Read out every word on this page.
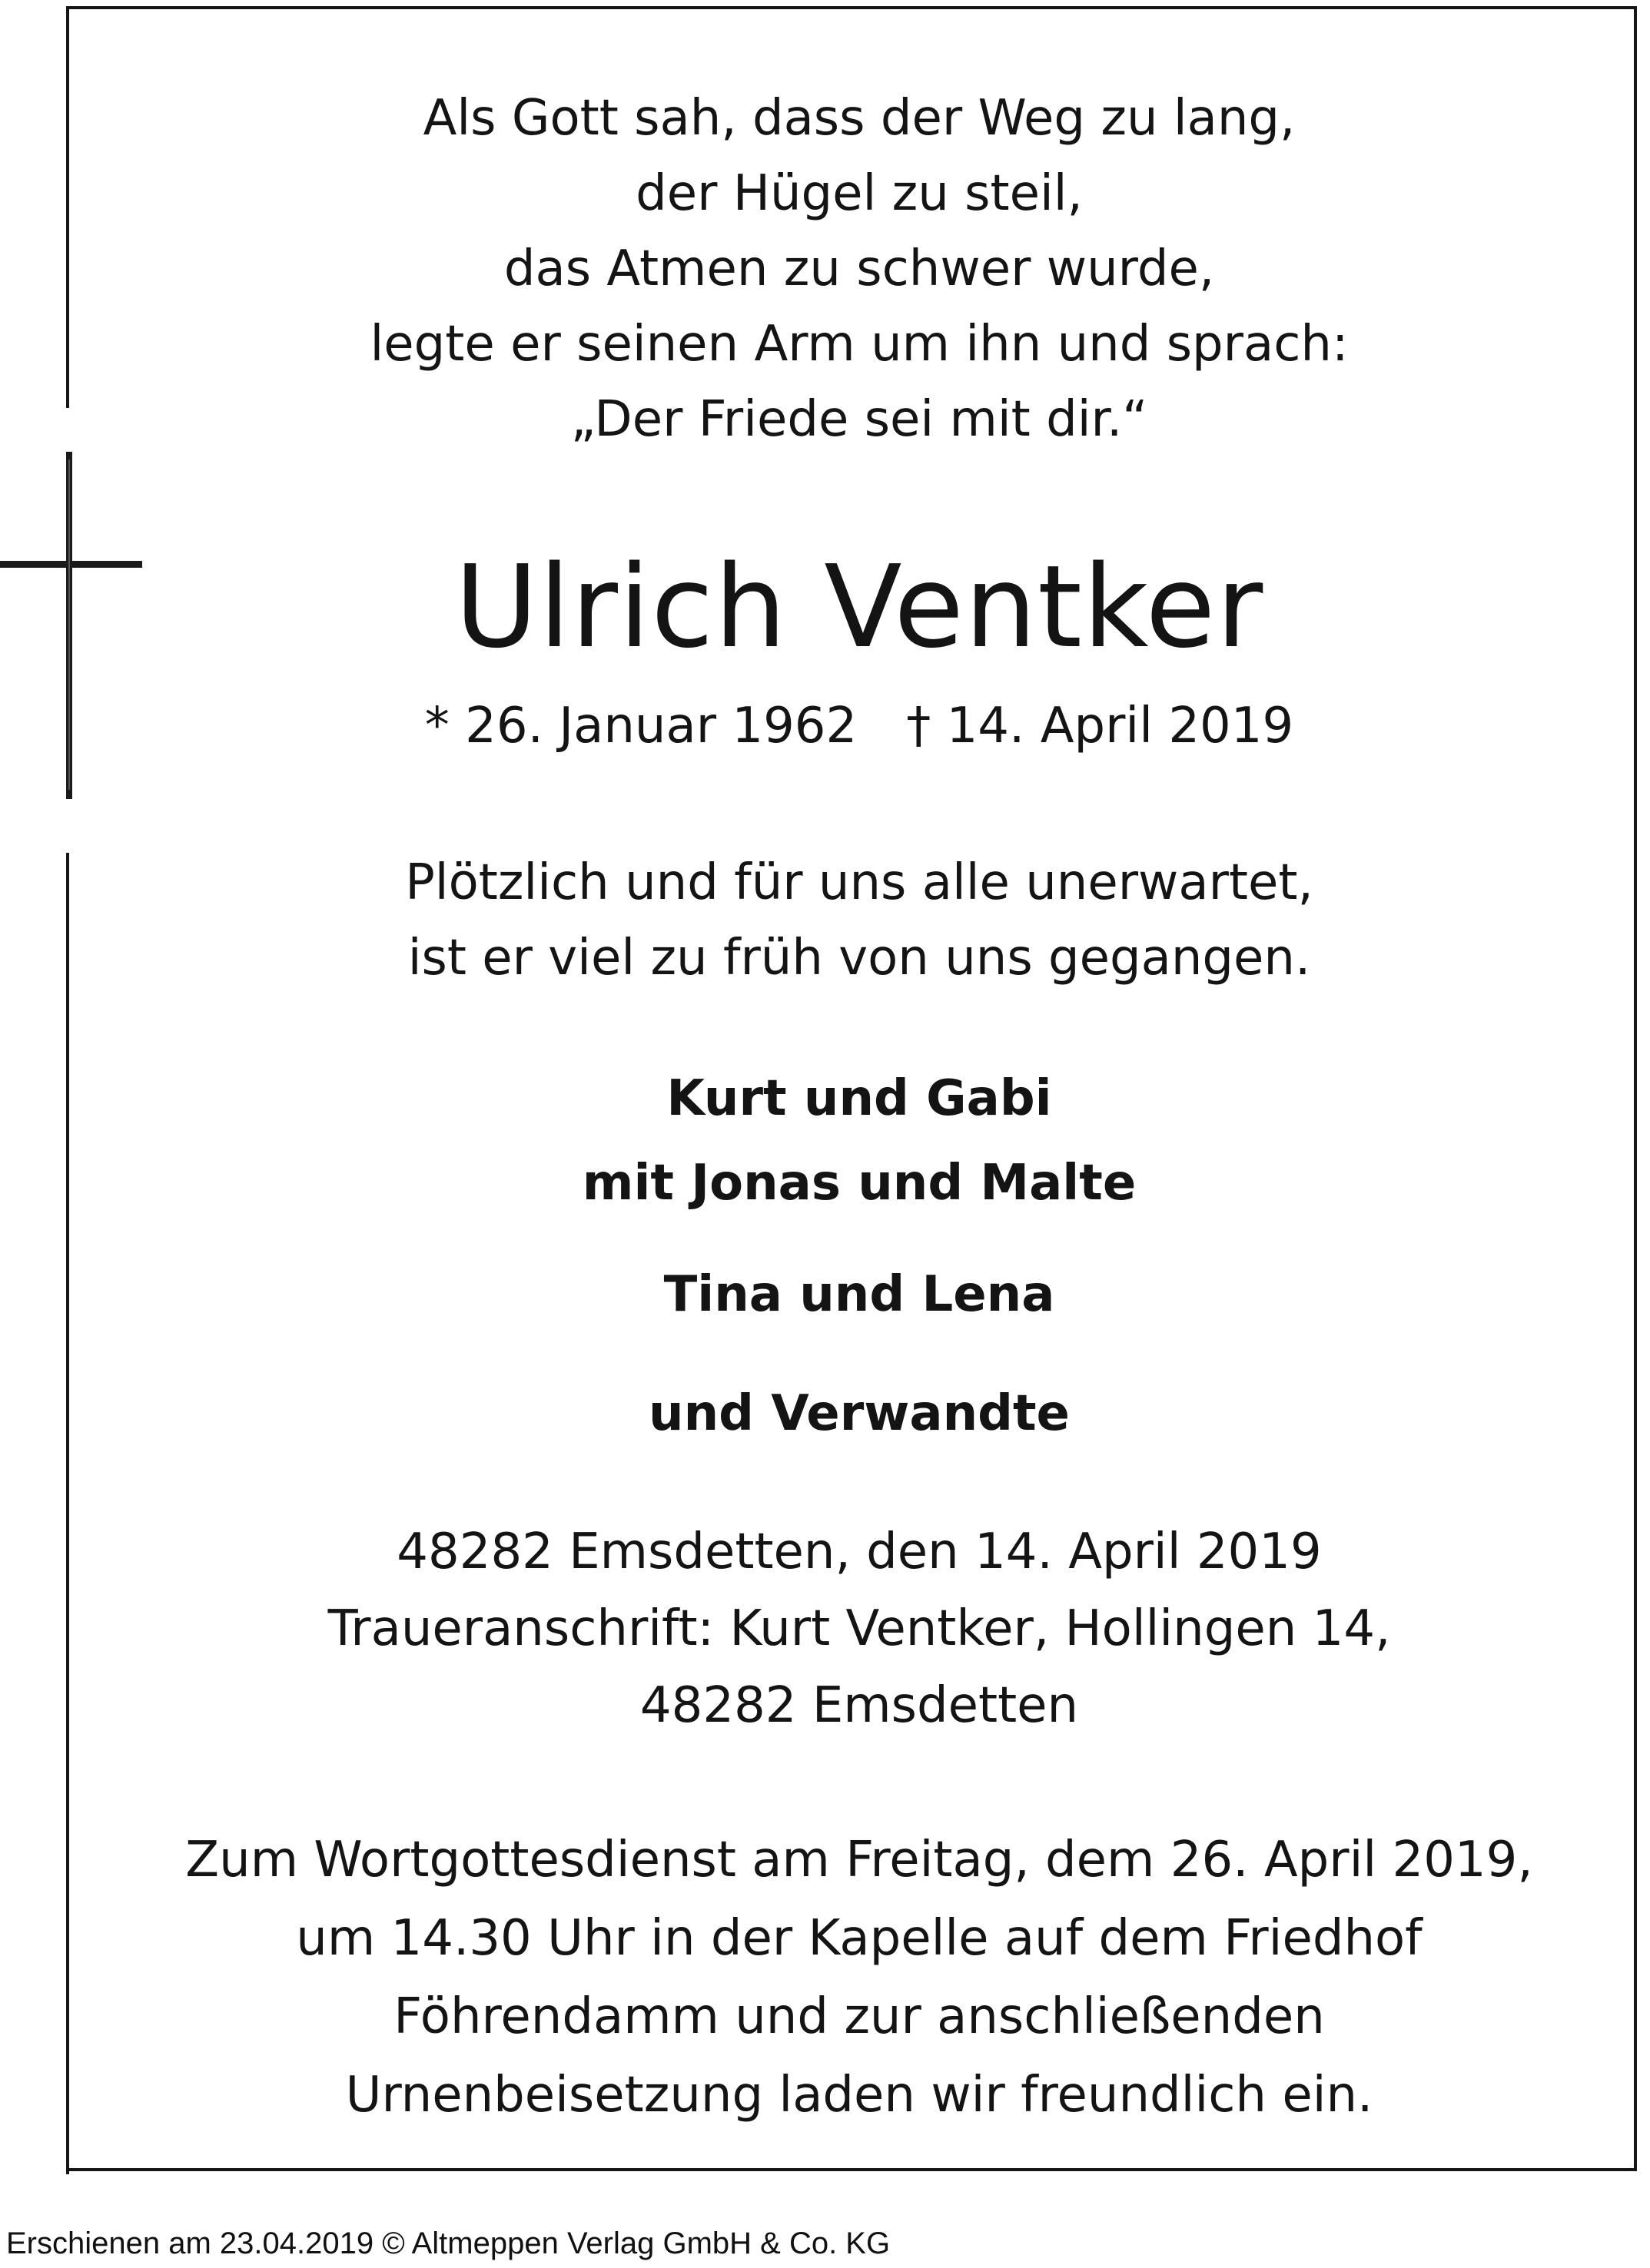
Als Gott sah, dass der Weg zu lang,
der Hügel zu steil,
das Atmen zu schwer wurde,
legte er seinen Arm um ihn und sprach:
„Der Friede sei mit dir.“
Ulrich Ventker
* 26. Januar 1962 † 14. April 2019
Plötzlich und für uns alle unerwartet,
ist er viel zu früh von uns gegangen.
Kurt und Gabi
mit Jonas und Malte
Tina und Lena
und Verwandte
48282 Emsdetten, den 14. April 2019
Traueranschrift: Kurt Ventker, Hollingen 14,
48282 Emsdetten
Zum Wortgottesdienst am Freitag, dem 26. April 2019,
um 14.30 Uhr in der Kapelle auf dem Friedhof
Föhrendamm und zur anschließenden
Urnenbeisetzung laden wir freundlich ein.
Erschienen am 23.04.2019 © Altmeppen Verlag GmbH & Co. KG
